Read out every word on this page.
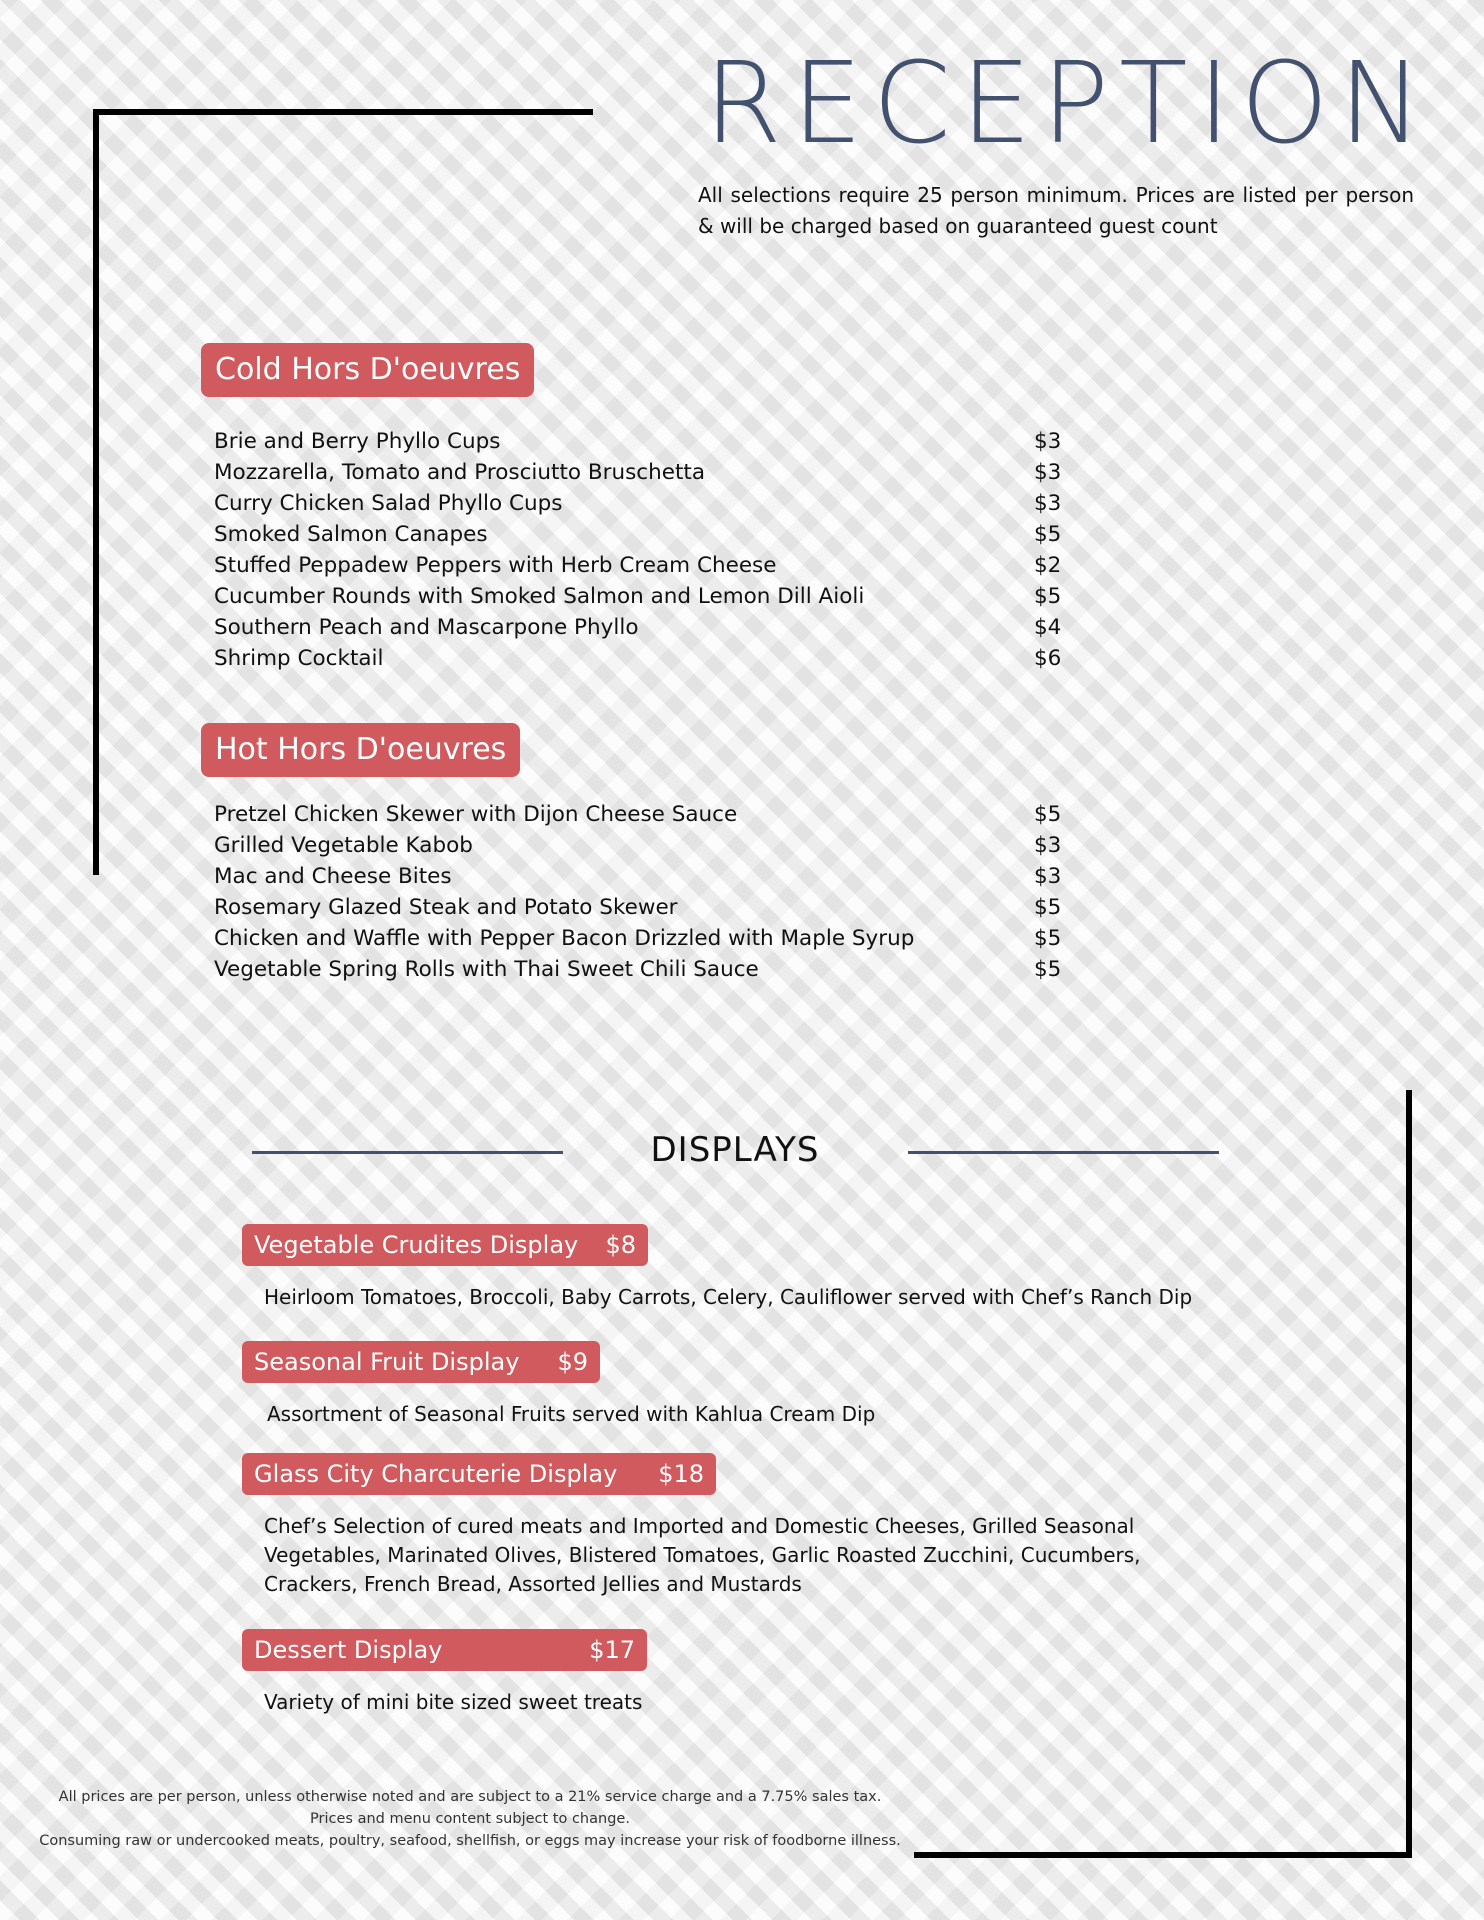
RECEPTION
All selections require 25 person minimum. Prices are listed per person & will be charged based on guaranteed guest count
Cold Hors D'oeuvres
Brie and Berry Phyllo Cups	$3
Mozzarella, Tomato and Prosciutto Bruschetta	$3
Curry Chicken Salad Phyllo Cups	$3
Smoked Salmon Canapes	$5
Stuffed Peppadew Peppers with Herb Cream Cheese	$2
Cucumber Rounds with Smoked Salmon and Lemon Dill Aioli	$5
Southern Peach and Mascarpone Phyllo	$4
Shrimp Cocktail	$6
Hot Hors D'oeuvres
Pretzel Chicken Skewer with Dijon Cheese Sauce	$5
Grilled Vegetable Kabob	$3
Mac and Cheese Bites	$3
Rosemary Glazed Steak and Potato Skewer	$5
Chicken and Waffle with Pepper Bacon Drizzled with Maple Syrup	$5
Vegetable Spring Rolls with Thai Sweet Chili Sauce	$5
DISPLAYS
Vegetable Crudites Display $8
Heirloom Tomatoes, Broccoli, Baby Carrots, Celery, Cauliflower served with Chef’s Ranch Dip
Seasonal Fruit Display $9
Assortment of Seasonal Fruits served with Kahlua Cream Dip
Glass City Charcuterie Display $18
Chef’s Selection of cured meats and Imported and Domestic Cheeses, Grilled Seasonal Vegetables, Marinated Olives, Blistered Tomatoes, Garlic Roasted Zucchini, Cucumbers, Crackers, French Bread, Assorted Jellies and Mustards
Dessert Display	$17
Variety of mini bite sized sweet treats
All prices are per person, unless otherwise noted and are subject to a 21% service charge and a 7.75% sales tax.
Prices and menu content subject to change.
Consuming raw or undercooked meats, poultry, seafood, shellfish, or eggs may increase your risk of foodborne illness.
